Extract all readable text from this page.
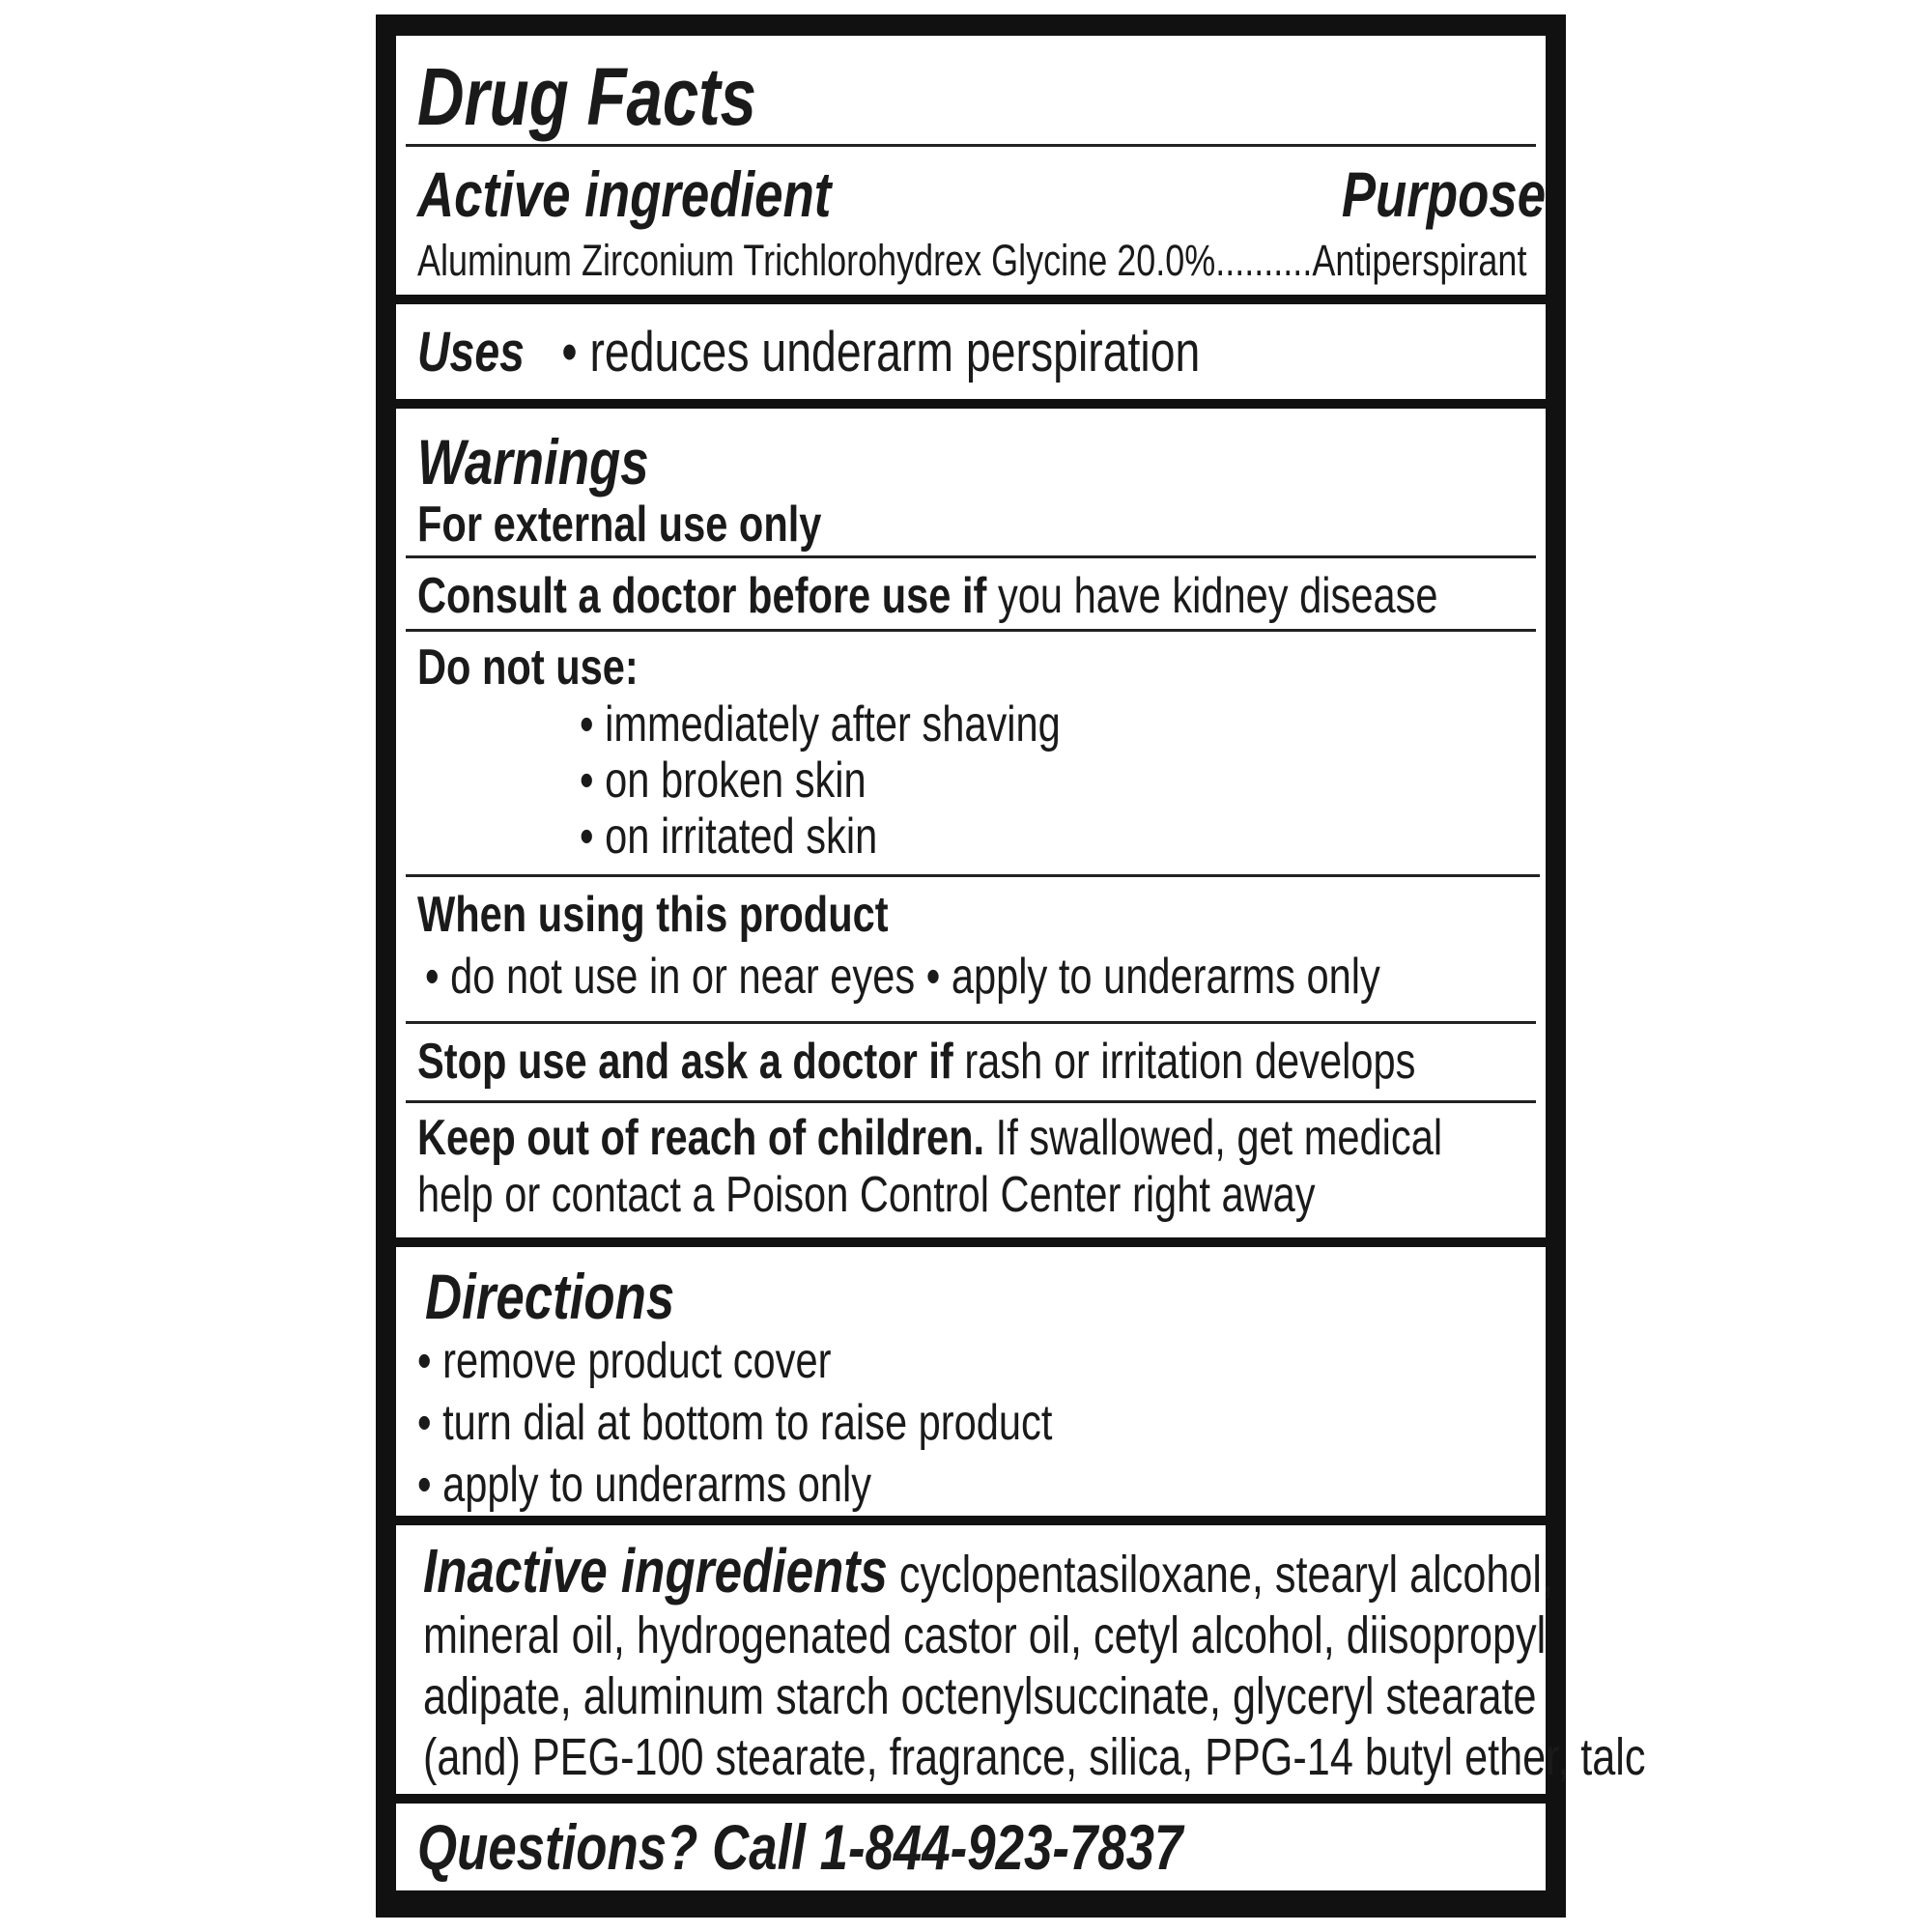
Drug Facts
Active ingredient	Purpose
Aluminum Zirconium Trichlorohydrex Glycine 20.0%..........Antiperspirant
Uses • reduces underarm perspiration
Warnings
For external use only
Consult a doctor before use if you have kidney disease
Do not use:
• immediately after shaving
• on broken skin
• on irritated skin
When using this product
• do not use in or near eyes • apply to underarms only
Stop use and ask a doctor if rash or irritation develops
Keep out of reach of children. If swallowed, get medical
help or contact a Poison Control Center right away
Directions
• remove product cover
• turn dial at bottom to raise product
• apply to underarms only
Inactive ingredients cyclopentasiloxane, stearyl alcohol,
mineral oil, hydrogenated castor oil, cetyl alcohol, diisopropyl
adipate, aluminum starch octenylsuccinate, glyceryl stearate
(and) PEG-100 stearate, fragrance, silica, PPG-14 butyl ether, talc
Questions? Call 1-844-923-7837
